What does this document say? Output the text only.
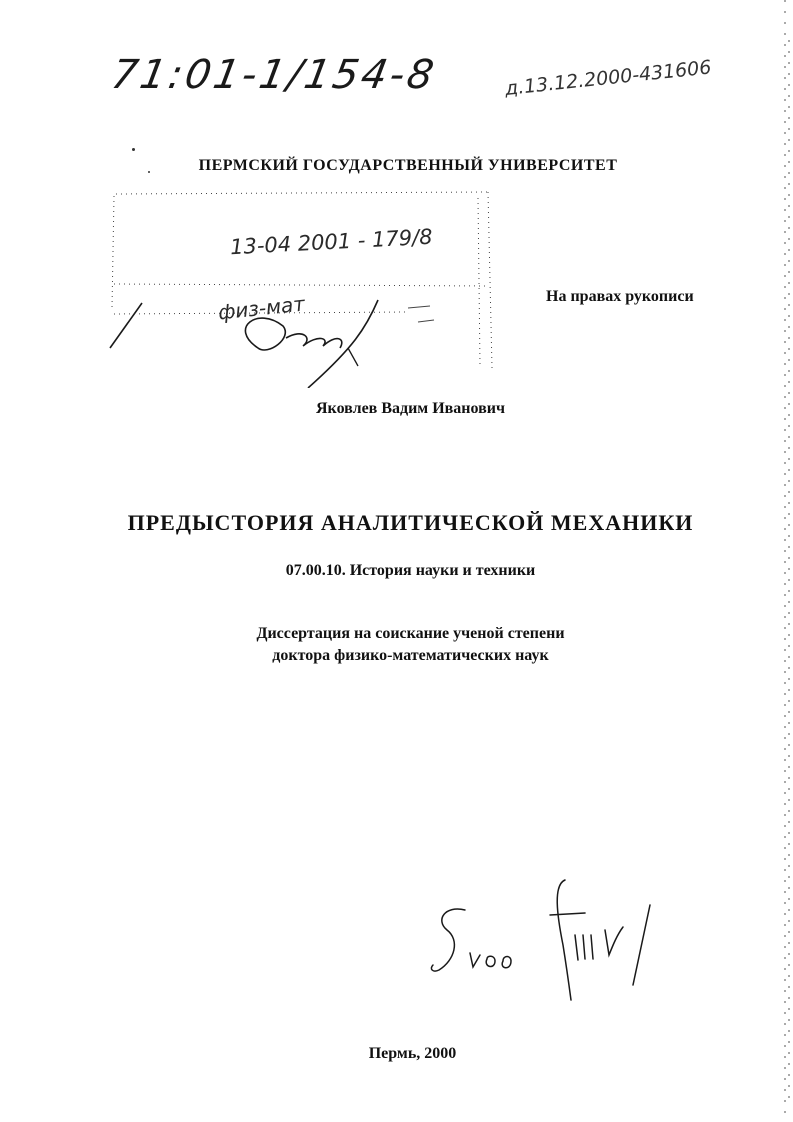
71:01-1/154-8	д.13.12.2000-431606
ПЕРМСКИЙ ГОСУДАРСТВЕННЫЙ УНИВЕРСИТЕТ
13-04 2001 - 179/8
физ-мат	На правах рукописи
Яковлев Вадим Иванович
ПРЕДЫСТОРИЯ АНАЛИТИЧЕСКОЙ МЕХАНИКИ
07.00.10. История науки и техники
Диссертация на соискание ученой степени
доктора физико-математических наук
Пермь, 2000
